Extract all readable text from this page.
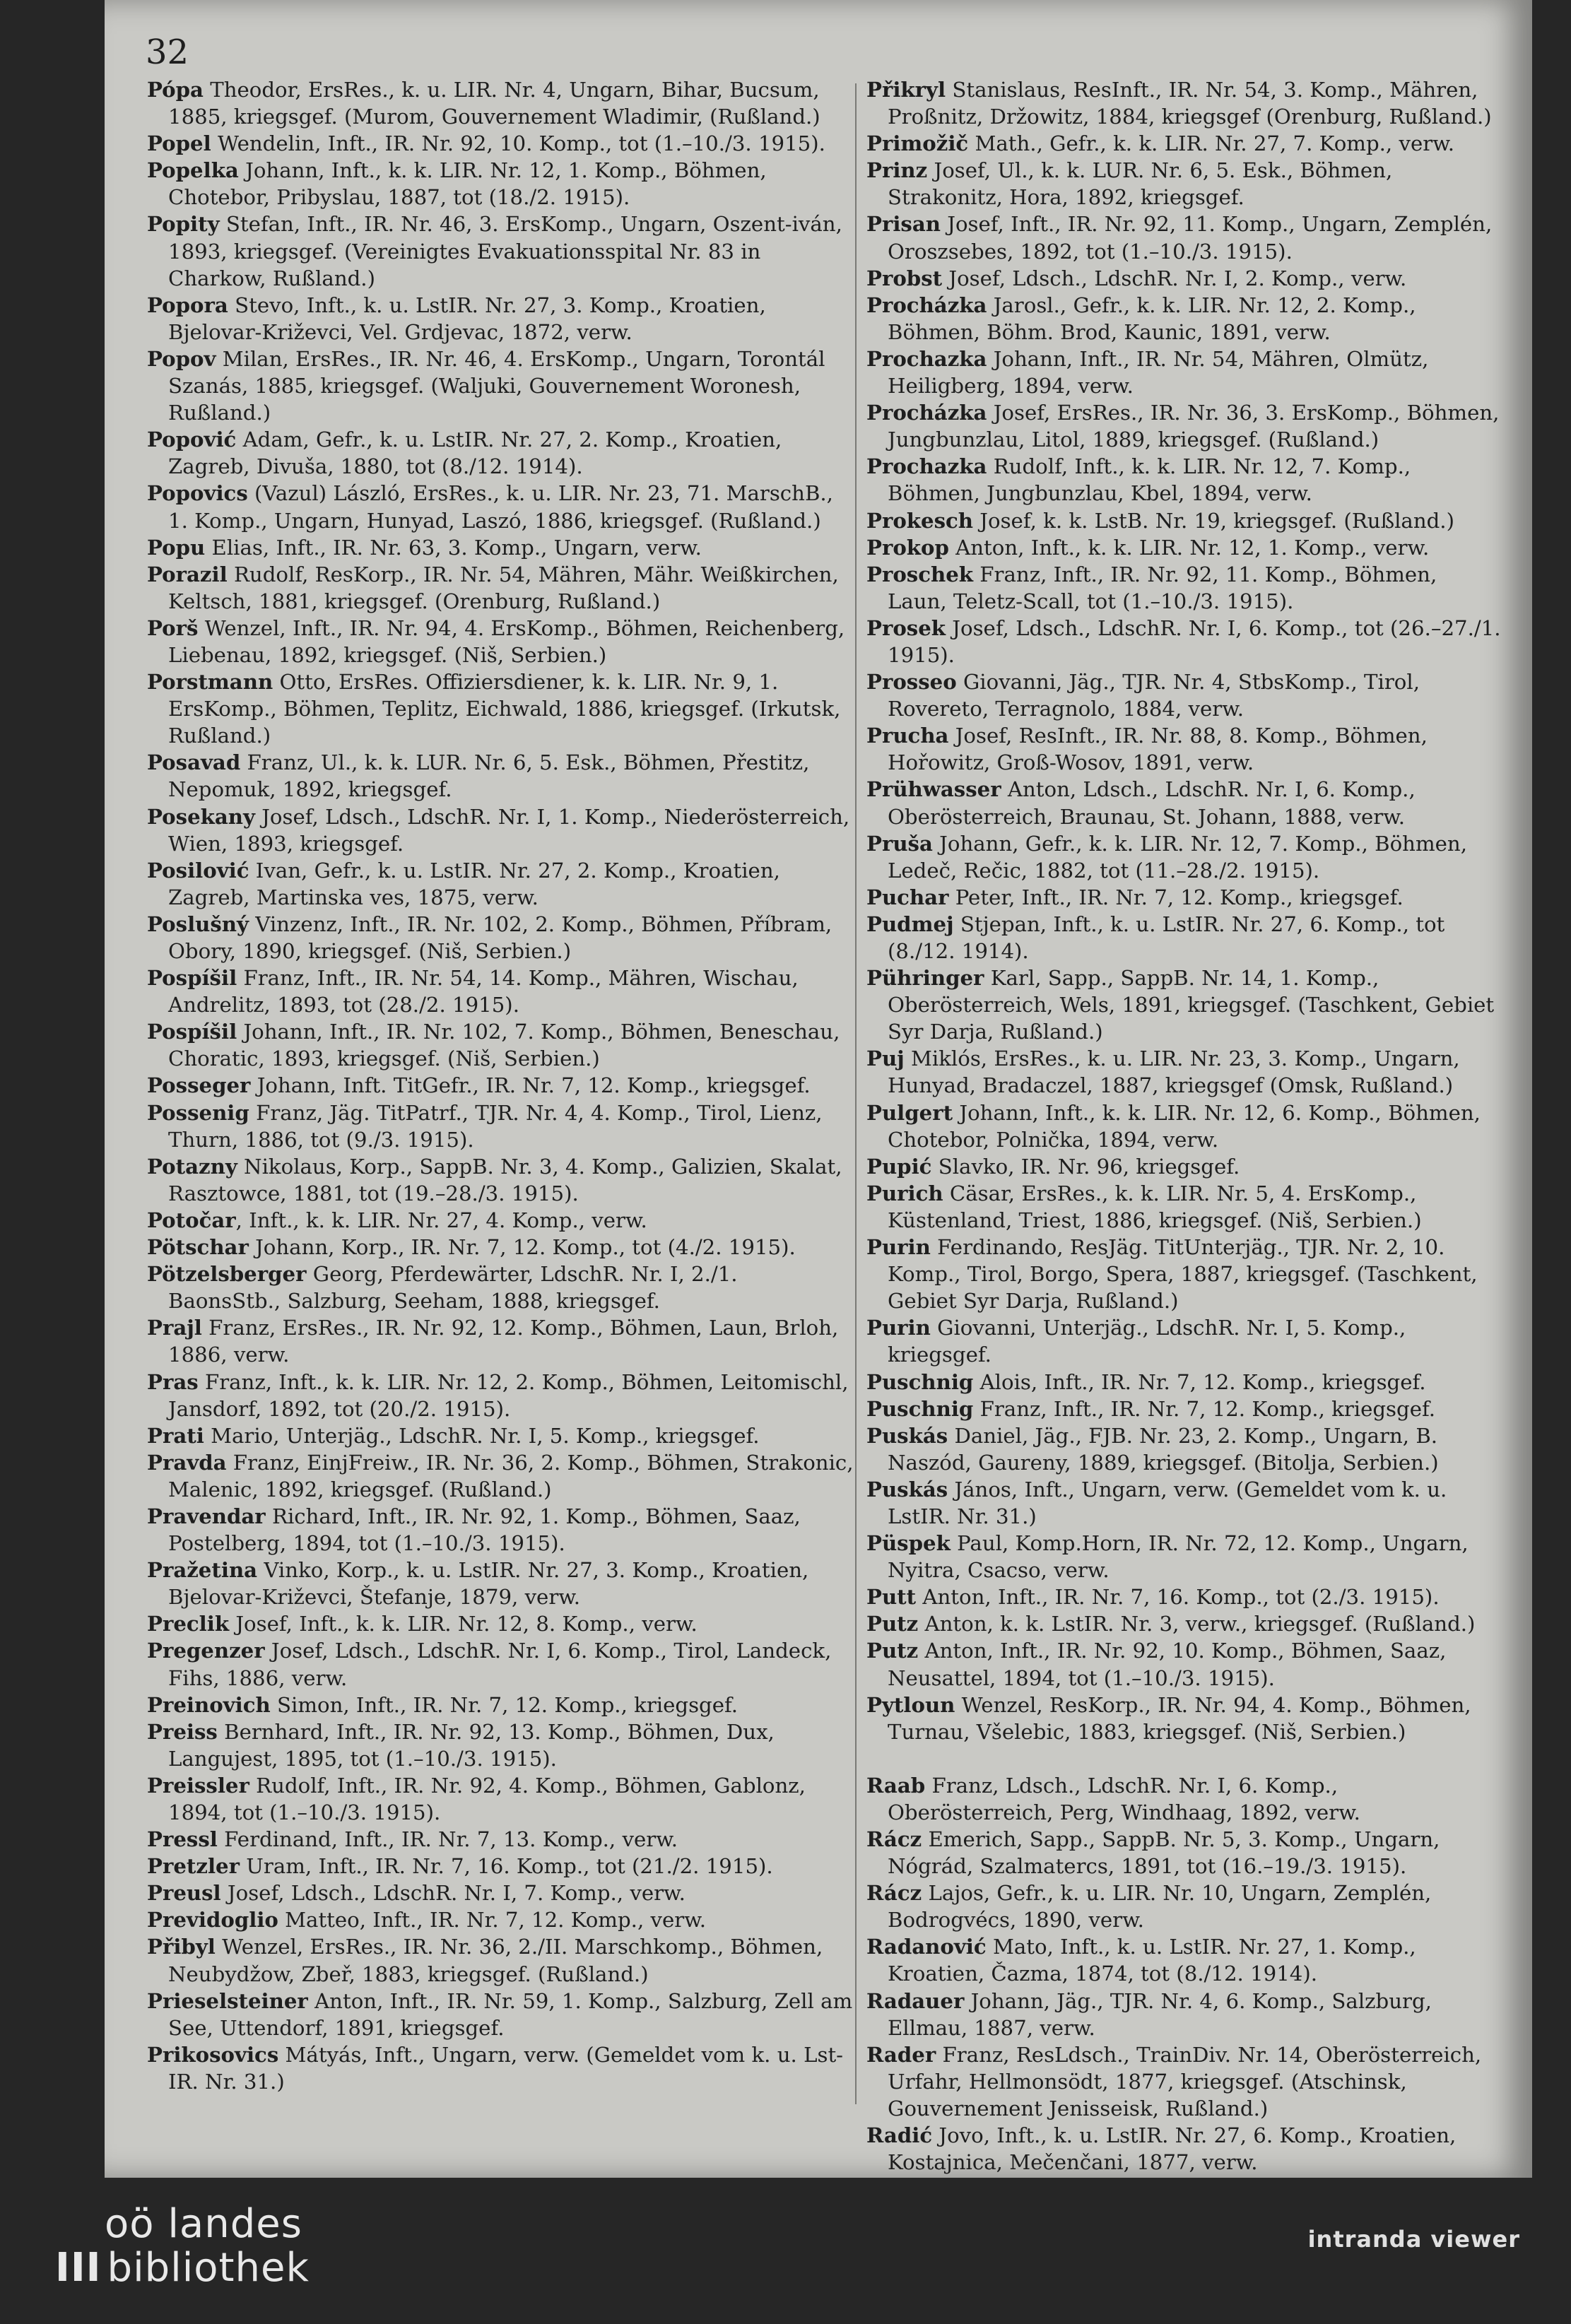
32

Pópa Theodor, ErsRes., k. u. LIR. Nr. 4, Ungarn, Bihar, Bucsum, 1885, kriegsgef. (Murom, Gouvernement Wladimir, (Rußland.)

Popel Wendelin, Inft., IR. Nr. 92, 10. Komp., tot (1.–10./3. 1915).

Popelka Johann, Inft., k. k. LIR. Nr. 12, 1. Komp., Böhmen, Chotebor, Pribyslau, 1887, tot (18./2. 1915).

Popity Stefan, Inft., IR. Nr. 46, 3. ErsKomp., Ungarn, Oszent-iván, 1893, kriegsgef. (Vereinigtes Evakuationsspital Nr. 83 in Charkow, Rußland.)

Popora Stevo, Inft., k. u. LstIR. Nr. 27, 3. Komp., Kroatien, Bjelovar-Križevci, Vel. Grdjevac, 1872, verw.

Popov Milan, ErsRes., IR. Nr. 46, 4. ErsKomp., Ungarn, Torontál Szanás, 1885, kriegsgef. (Waljuki, Gouvernement Woronesh, Rußland.)

Popović Adam, Gefr., k. u. LstIR. Nr. 27, 2. Komp., Kroatien, Zagreb, Divuša, 1880, tot (8./12. 1914).

Popovics (Vazul) László, ErsRes., k. u. LIR. Nr. 23, 71. MarschB., 1. Komp., Ungarn, Hunyad, Laszó, 1886, kriegsgef. (Rußland.)

Popu Elias, Inft., IR. Nr. 63, 3. Komp., Ungarn, verw.

Porazil Rudolf, ResKorp., IR. Nr. 54, Mähren, Mähr. Weißkirchen, Keltsch, 1881, kriegsgef. (Orenburg, Rußland.)

Porš Wenzel, Inft., IR. Nr. 94, 4. ErsKomp., Böhmen, Reichenberg, Liebenau, 1892, kriegsgef. (Niš, Serbien.)

Porstmann Otto, ErsRes. Offiziersdiener, k. k. LIR. Nr. 9, 1. ErsKomp., Böhmen, Teplitz, Eichwald, 1886, kriegsgef. (Irkutsk, Rußland.)

Posavad Franz, Ul., k. k. LUR. Nr. 6, 5. Esk., Böhmen, Přestitz, Nepomuk, 1892, kriegsgef.

Posekany Josef, Ldsch., LdschR. Nr. I, 1. Komp., Niederösterreich, Wien, 1893, kriegsgef.

Posilović Ivan, Gefr., k. u. LstIR. Nr. 27, 2. Komp., Kroatien, Zagreb, Martinska ves, 1875, verw.

Poslušný Vinzenz, Inft., IR. Nr. 102, 2. Komp., Böhmen, Příbram, Obory, 1890, kriegsgef. (Niš, Serbien.)

Pospíšil Franz, Inft., IR. Nr. 54, 14. Komp., Mähren, Wischau, Andrelitz, 1893, tot (28./2. 1915).

Pospíšil Johann, Inft., IR. Nr. 102, 7. Komp., Böhmen, Beneschau, Choratic, 1893, kriegsgef. (Niš, Serbien.)

Posseger Johann, Inft. TitGefr., IR. Nr. 7, 12. Komp., kriegsgef.

Possenig Franz, Jäg. TitPatrf., TJR. Nr. 4, 4. Komp., Tirol, Lienz, Thurn, 1886, tot (9./3. 1915).

Potazny Nikolaus, Korp., SappB. Nr. 3, 4. Komp., Galizien, Skalat, Rasztowce, 1881, tot (19.–28./3. 1915).

Potočar, Inft., k. k. LIR. Nr. 27, 4. Komp., verw.

Pötschar Johann, Korp., IR. Nr. 7, 12. Komp., tot (4./2. 1915).

Pötzelsberger Georg, Pferdewärter, LdschR. Nr. I, 2./1. BaonsStb., Salzburg, Seeham, 1888, kriegsgef.

Prajl Franz, ErsRes., IR. Nr. 92, 12. Komp., Böhmen, Laun, Brloh, 1886, verw.

Pras Franz, Inft., k. k. LIR. Nr. 12, 2. Komp., Böhmen, Leitomischl, Jansdorf, 1892, tot (20./2. 1915).

Prati Mario, Unterjäg., LdschR. Nr. I, 5. Komp., kriegsgef.

Pravda Franz, EinjFreiw., IR. Nr. 36, 2. Komp., Böhmen, Strakonic, Malenic, 1892, kriegsgef. (Rußland.)

Pravendar Richard, Inft., IR. Nr. 92, 1. Komp., Böhmen, Saaz, Postelberg, 1894, tot (1.–10./3. 1915).

Pražetina Vinko, Korp., k. u. LstIR. Nr. 27, 3. Komp., Kroatien, Bjelovar-Križevci, Štefanje, 1879, verw.

Preclik Josef, Inft., k. k. LIR. Nr. 12, 8. Komp., verw.

Pregenzer Josef, Ldsch., LdschR. Nr. I, 6. Komp., Tirol, Landeck, Fihs, 1886, verw.

Preinovich Simon, Inft., IR. Nr. 7, 12. Komp., kriegsgef.

Preiss Bernhard, Inft., IR. Nr. 92, 13. Komp., Böhmen, Dux, Langujest, 1895, tot (1.–10./3. 1915).

Preissler Rudolf, Inft., IR. Nr. 92, 4. Komp., Böhmen, Gablonz, 1894, tot (1.–10./3. 1915).

Pressl Ferdinand, Inft., IR. Nr. 7, 13. Komp., verw.

Pretzler Uram, Inft., IR. Nr. 7, 16. Komp., tot (21./2. 1915).

Preusl Josef, Ldsch., LdschR. Nr. I, 7. Komp., verw.

Previdoglio Matteo, Inft., IR. Nr. 7, 12. Komp., verw.

Přibyl Wenzel, ErsRes., IR. Nr. 36, 2./II. Marschkomp., Böhmen, Neubydžow, Zbeř, 1883, kriegsgef. (Rußland.)

Prieselsteiner Anton, Inft., IR. Nr. 59, 1. Komp., Salzburg, Zell am See, Uttendorf, 1891, kriegsgef.

Prikosovics Mátyás, Inft., Ungarn, verw. (Gemeldet vom k. u. Lst-IR. Nr. 31.)

Přikryl Stanislaus, ResInft., IR. Nr. 54, 3. Komp., Mähren, Proßnitz, Držowitz, 1884, kriegsgef (Orenburg, Rußland.)

Primožič Math., Gefr., k. k. LIR. Nr. 27, 7. Komp., verw.

Prinz Josef, Ul., k. k. LUR. Nr. 6, 5. Esk., Böhmen, Strakonitz, Hora, 1892, kriegsgef.

Prisan Josef, Inft., IR. Nr. 92, 11. Komp., Ungarn, Zemplén, Oroszsebes, 1892, tot (1.–10./3. 1915).

Probst Josef, Ldsch., LdschR. Nr. I, 2. Komp., verw.

Procházka Jarosl., Gefr., k. k. LIR. Nr. 12, 2. Komp., Böhmen, Böhm. Brod, Kaunic, 1891, verw.

Prochazka Johann, Inft., IR. Nr. 54, Mähren, Olmütz, Heiligberg, 1894, verw.

Procházka Josef, ErsRes., IR. Nr. 36, 3. ErsKomp., Böhmen, Jungbunzlau, Litol, 1889, kriegsgef. (Rußland.)

Prochazka Rudolf, Inft., k. k. LIR. Nr. 12, 7. Komp., Böhmen, Jungbunzlau, Kbel, 1894, verw.

Prokesch Josef, k. k. LstB. Nr. 19, kriegsgef. (Rußland.)

Prokop Anton, Inft., k. k. LIR. Nr. 12, 1. Komp., verw.

Proschek Franz, Inft., IR. Nr. 92, 11. Komp., Böhmen, Laun, Teletz-Scall, tot (1.–10./3. 1915).

Prosek Josef, Ldsch., LdschR. Nr. I, 6. Komp., tot (26.–27./1. 1915).

Prosseo Giovanni, Jäg., TJR. Nr. 4, StbsKomp., Tirol, Rovereto, Terragnolo, 1884, verw.

Prucha Josef, ResInft., IR. Nr. 88, 8. Komp., Böhmen, Hořowitz, Groß-Wosov, 1891, verw.

Prühwasser Anton, Ldsch., LdschR. Nr. I, 6. Komp., Oberösterreich, Braunau, St. Johann, 1888, verw.

Pruša Johann, Gefr., k. k. LIR. Nr. 12, 7. Komp., Böhmen, Ledeč, Rečic, 1882, tot (11.–28./2. 1915).

Puchar Peter, Inft., IR. Nr. 7, 12. Komp., kriegsgef.

Pudmej Stjepan, Inft., k. u. LstIR. Nr. 27, 6. Komp., tot (8./12. 1914).

Pühringer Karl, Sapp., SappB. Nr. 14, 1. Komp., Oberösterreich, Wels, 1891, kriegsgef. (Taschkent, Gebiet Syr Darja, Rußland.)

Puj Miklós, ErsRes., k. u. LIR. Nr. 23, 3. Komp., Ungarn, Hunyad, Bradaczel, 1887, kriegsgef (Omsk, Rußland.)

Pulgert Johann, Inft., k. k. LIR. Nr. 12, 6. Komp., Böhmen, Chotebor, Polnička, 1894, verw.

Pupić Slavko, IR. Nr. 96, kriegsgef.

Purich Cäsar, ErsRes., k. k. LIR. Nr. 5, 4. ErsKomp., Küstenland, Triest, 1886, kriegsgef. (Niš, Serbien.)

Purin Ferdinando, ResJäg. TitUnterjäg., TJR. Nr. 2, 10. Komp., Tirol, Borgo, Spera, 1887, kriegsgef. (Taschkent, Gebiet Syr Darja, Rußland.)

Purin Giovanni, Unterjäg., LdschR. Nr. I, 5. Komp., kriegsgef.

Puschnig Alois, Inft., IR. Nr. 7, 12. Komp., kriegsgef.

Puschnig Franz, Inft., IR. Nr. 7, 12. Komp., kriegsgef.

Puskás Daniel, Jäg., FJB. Nr. 23, 2. Komp., Ungarn, B. Naszód, Gaureny, 1889, kriegsgef. (Bitolja, Serbien.)

Puskás János, Inft., Ungarn, verw. (Gemeldet vom k. u. LstIR. Nr. 31.)

Püspek Paul, Komp.Horn, IR. Nr. 72, 12. Komp., Ungarn, Nyitra, Csacso, verw.

Putt Anton, Inft., IR. Nr. 7, 16. Komp., tot (2./3. 1915).

Putz Anton, k. k. LstIR. Nr. 3, verw., kriegsgef. (Rußland.)

Putz Anton, Inft., IR. Nr. 92, 10. Komp., Böhmen, Saaz, Neusattel, 1894, tot (1.–10./3. 1915).

Pytloun Wenzel, ResKorp., IR. Nr. 94, 4. Komp., Böhmen, Turnau, Všelebic, 1883, kriegsgef. (Niš, Serbien.)

Raab Franz, Ldsch., LdschR. Nr. I, 6. Komp., Oberösterreich, Perg, Windhaag, 1892, verw.

Rácz Emerich, Sapp., SappB. Nr. 5, 3. Komp., Ungarn, Nógrád, Szalmatercs, 1891, tot (16.–19./3. 1915).

Rácz Lajos, Gefr., k. u. LIR. Nr. 10, Ungarn, Zemplén, Bodrogvécs, 1890, verw.

Radanović Mato, Inft., k. u. LstIR. Nr. 27, 1. Komp., Kroatien, Čazma, 1874, tot (8./12. 1914).

Radauer Johann, Jäg., TJR. Nr. 4, 6. Komp., Salzburg, Ellmau, 1887, verw.

Rader Franz, ResLdsch., TrainDiv. Nr. 14, Oberösterreich, Urfahr, Hellmonsödt, 1877, kriegsgef. (Atschinsk, Gouvernement Jenisseisk, Rußland.)

Radić Jovo, Inft., k. u. LstIR. Nr. 27, 6. Komp., Kroatien, Kostajnica, Mečenčani, 1877, verw.

oö landes
III bibliothek
intranda viewer
